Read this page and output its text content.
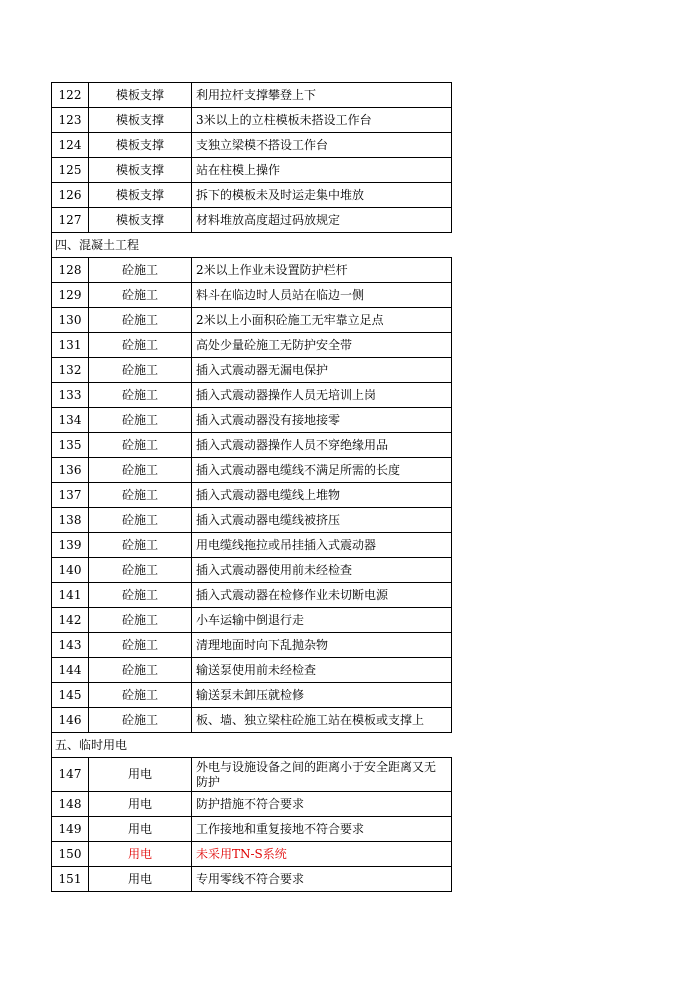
122	模板支撑	利用拉杆支撑攀登上下
123	模板支撑	3米以上的立柱模板未搭设工作台
124	模板支撑	支独立梁模不搭设工作台
125	模板支撑	站在柱模上操作
126	模板支撑	拆下的模板未及时运走集中堆放
127	模板支撑	材料堆放高度超过码放规定
四、混凝土工程		
128	砼施工	2米以上作业未设置防护栏杆
129	砼施工	料斗在临边时人员站在临边一侧
130	砼施工	2米以上小面积砼施工无牢靠立足点
131	砼施工	高处少量砼施工无防护安全带
132	砼施工	插入式震动器无漏电保护
133	砼施工	插入式震动器操作人员无培训上岗
134	砼施工	插入式震动器没有接地接零
135	砼施工	插入式震动器操作人员不穿绝缘用品
136	砼施工	插入式震动器电缆线不满足所需的长度
137	砼施工	插入式震动器电缆线上堆物
138	砼施工	插入式震动器电缆线被挤压
139	砼施工	用电缆线拖拉或吊挂插入式震动器
140	砼施工	插入式震动器使用前未经检查
141	砼施工	插入式震动器在检修作业未切断电源
142	砼施工	小车运输中倒退行走
143	砼施工	清理地面时向下乱抛杂物
144	砼施工	输送泵使用前未经检查
145	砼施工	输送泵未卸压就检修
146	砼施工	板、墙、独立梁柱砼施工站在模板或支撑上
五、临时用电		
147	用电	外电与设施设备之间的距离小于安全距离又无防护
148	用电	防护措施不符合要求
149	用电	工作接地和重复接地不符合要求
150	用电	未采用TN-S系统
151	用电	专用零线不符合要求
